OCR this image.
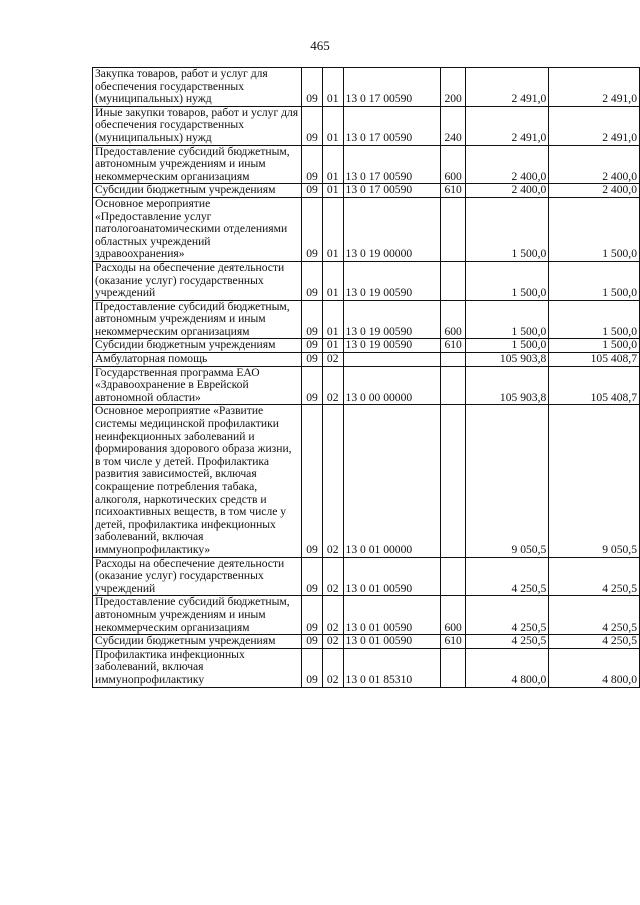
465
Закупка товаров, работ и услуг для обеспечения государственных (муниципальных) нужд	09	01	13 0 17 00590	200	2 491,0	2 491,0

Иные закупки товаров, работ и услуг для обеспечения государственных (муниципальных) нужд	09	01	13 0 17 00590	240	2 491,0	2 491,0

Предоставление субсидий бюджетным, автономным учреждениям и иным некоммерческим организациям	09	01	13 0 17 00590	600	2 400,0	2 400,0

Субсидии бюджетным учреждениям	09	01	13 0 17 00590	610	2 400,0	2 400,0

Основное мероприятие «Предоставление услуг патологоанатомическими отделениями областных учреждений здравоохранения»	09	01	13 0 19 00000		1 500,0	1 500,0

Расходы на обеспечение деятельности (оказание услуг) государственных учреждений	09	01	13 0 19 00590		1 500,0	1 500,0

Предоставление субсидий бюджетным, автономным учреждениям и иным некоммерческим организациям	09	01	13 0 19 00590	600	1 500,0	1 500,0

Субсидии бюджетным учреждениям	09	01	13 0 19 00590	610	1 500,0	1 500,0

Амбулаторная помощь	09	02			105 903,8	105 408,7

Государственная программа ЕАО «Здравоохранение в Еврейской автономной области»	09	02	13 0 00 00000		105 903,8	105 408,7

Основное мероприятие «Развитие системы медицинской профилактики неинфекционных заболеваний и формирования здорового образа жизни, в том числе у детей. Профилактика развития зависимостей, включая сокращение потребления табака, алкоголя, наркотических средств и психоактивных веществ, в том числе у детей, профилактика инфекционных заболеваний, включая иммунопрофилактику»	09	02	13 0 01 00000		9 050,5	9 050,5

Расходы на обеспечение деятельности (оказание услуг) государственных учреждений	09	02	13 0 01 00590		4 250,5	4 250,5

Предоставление субсидий бюджетным, автономным учреждениям и иным некоммерческим организациям	09	02	13 0 01 00590	600	4 250,5	4 250,5

Субсидии бюджетным учреждениям	09	02	13 0 01 00590	610	4 250,5	4 250,5

Профилактика инфекционных заболеваний, включая иммунопрофилактику	09	02	13 0 01 85310		4 800,0	4 800,0
